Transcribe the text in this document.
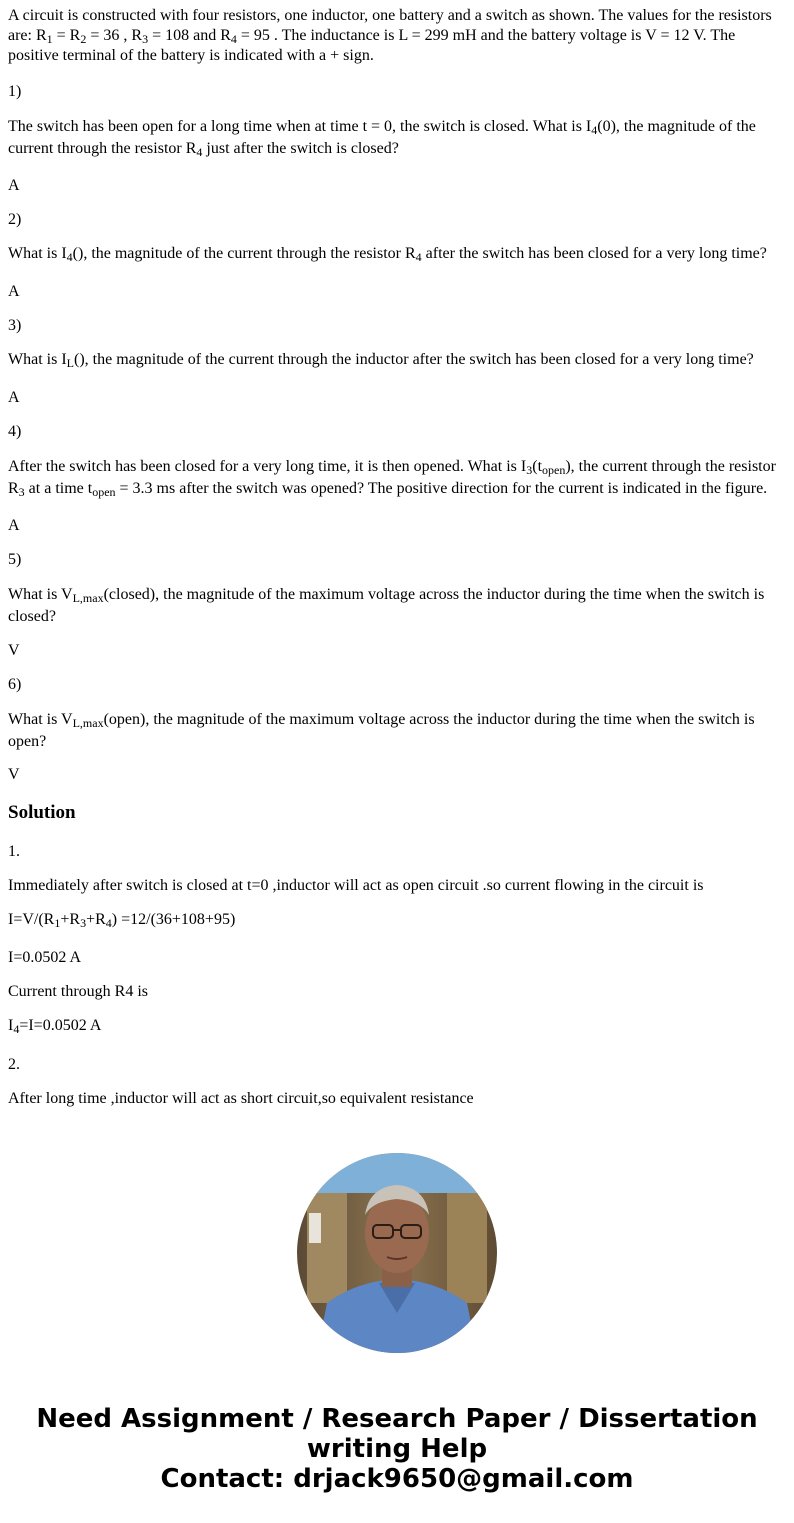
A circuit is constructed with four resistors, one inductor, one battery and a switch as shown. The values for the resistors are: $R_1 = R_2 = 36$ , $R_3 = 108$ and $R_4 = 95$ . The inductance is L = 299 mH and the battery voltage is V = 12 V. The positive terminal of the battery is indicated with a + sign.
1)
The switch has been open for a long time when at time t = 0, the switch is closed. What is $I_4(0)$, the magnitude of the current through the resistor $R_4$ just after the switch is closed?
A
2)
What is $I_4()$, the magnitude of the current through the resistor $R_4$ after the switch has been closed for a very long time?
A
3)
What is $I_L()$, the magnitude of the current through the inductor after the switch has been closed for a very long time?
A
4)
After the switch has been closed for a very long time, it is then opened. What is $I_3(t_{open})$, the current through the resistor $R_3$ at a time $t_{open} = 3.3$ ms after the switch was opened? The positive direction for the current is indicated in the figure.
A
5)
What is $V_{L,max}(closed)$, the magnitude of the maximum voltage across the inductor during the time when the switch is closed?
V
6)
What is $V_{L,max}(open)$, the magnitude of the maximum voltage across the inductor during the time when the switch is open?
V
1.
Immediately after switch is closed at t=0 ,inductor will act as open circuit .so current flowing in the circuit is
$I=V/(R_1+R_3+R_4) =12/(36+108+95)$
I=0.0502 A
Current through R4 is
$I_4=I=0.0502$ A
2.
After long time ,inductor will act as short circuit,so equivalent resistance
Solution
Need Assignment / Research Paper / Dissertation
writing Help
Contact: drjack9650@gmail.com
